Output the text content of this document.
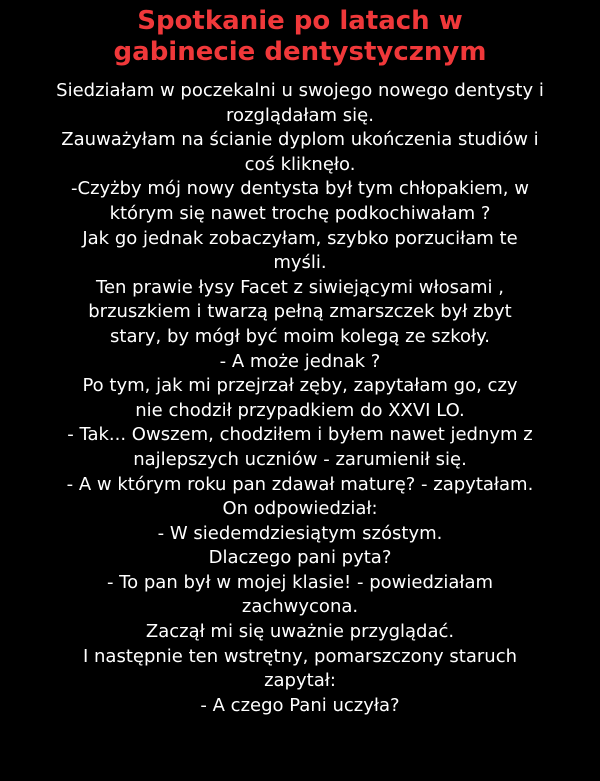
Spotkanie po latach w
gabinecie dentystycznym
Siedziałam w poczekalni u swojego nowego dentysty i
rozglądałam się.
Zauważyłam na ścianie dyplom ukończenia studiów i
coś kliknęło.
-Czyżby mój nowy dentysta był tym chłopakiem, w
którym się nawet trochę podkochiwałam ?
Jak go jednak zobaczyłam, szybko porzuciłam te
myśli.
Ten prawie łysy Facet z siwiejącymi włosami ,
brzuszkiem i twarzą pełną zmarszczek był zbyt
stary, by mógł być moim kolegą ze szkoły.
- A może jednak ?
Po tym, jak mi przejrzał zęby, zapytałam go, czy
nie chodził przypadkiem do XXVI LO.
- Tak... Owszem, chodziłem i byłem nawet jednym z
najlepszych uczniów - zarumienił się.
- A w którym roku pan zdawał maturę? - zapytałam.
On odpowiedział:
- W siedemdziesiątym szóstym.
Dlaczego pani pyta?
- To pan był w mojej klasie! - powiedziałam
zachwycona.
Zaczął mi się uważnie przyglądać.
I następnie ten wstrętny, pomarszczony staruch
zapytał:
- A czego Pani uczyła?
